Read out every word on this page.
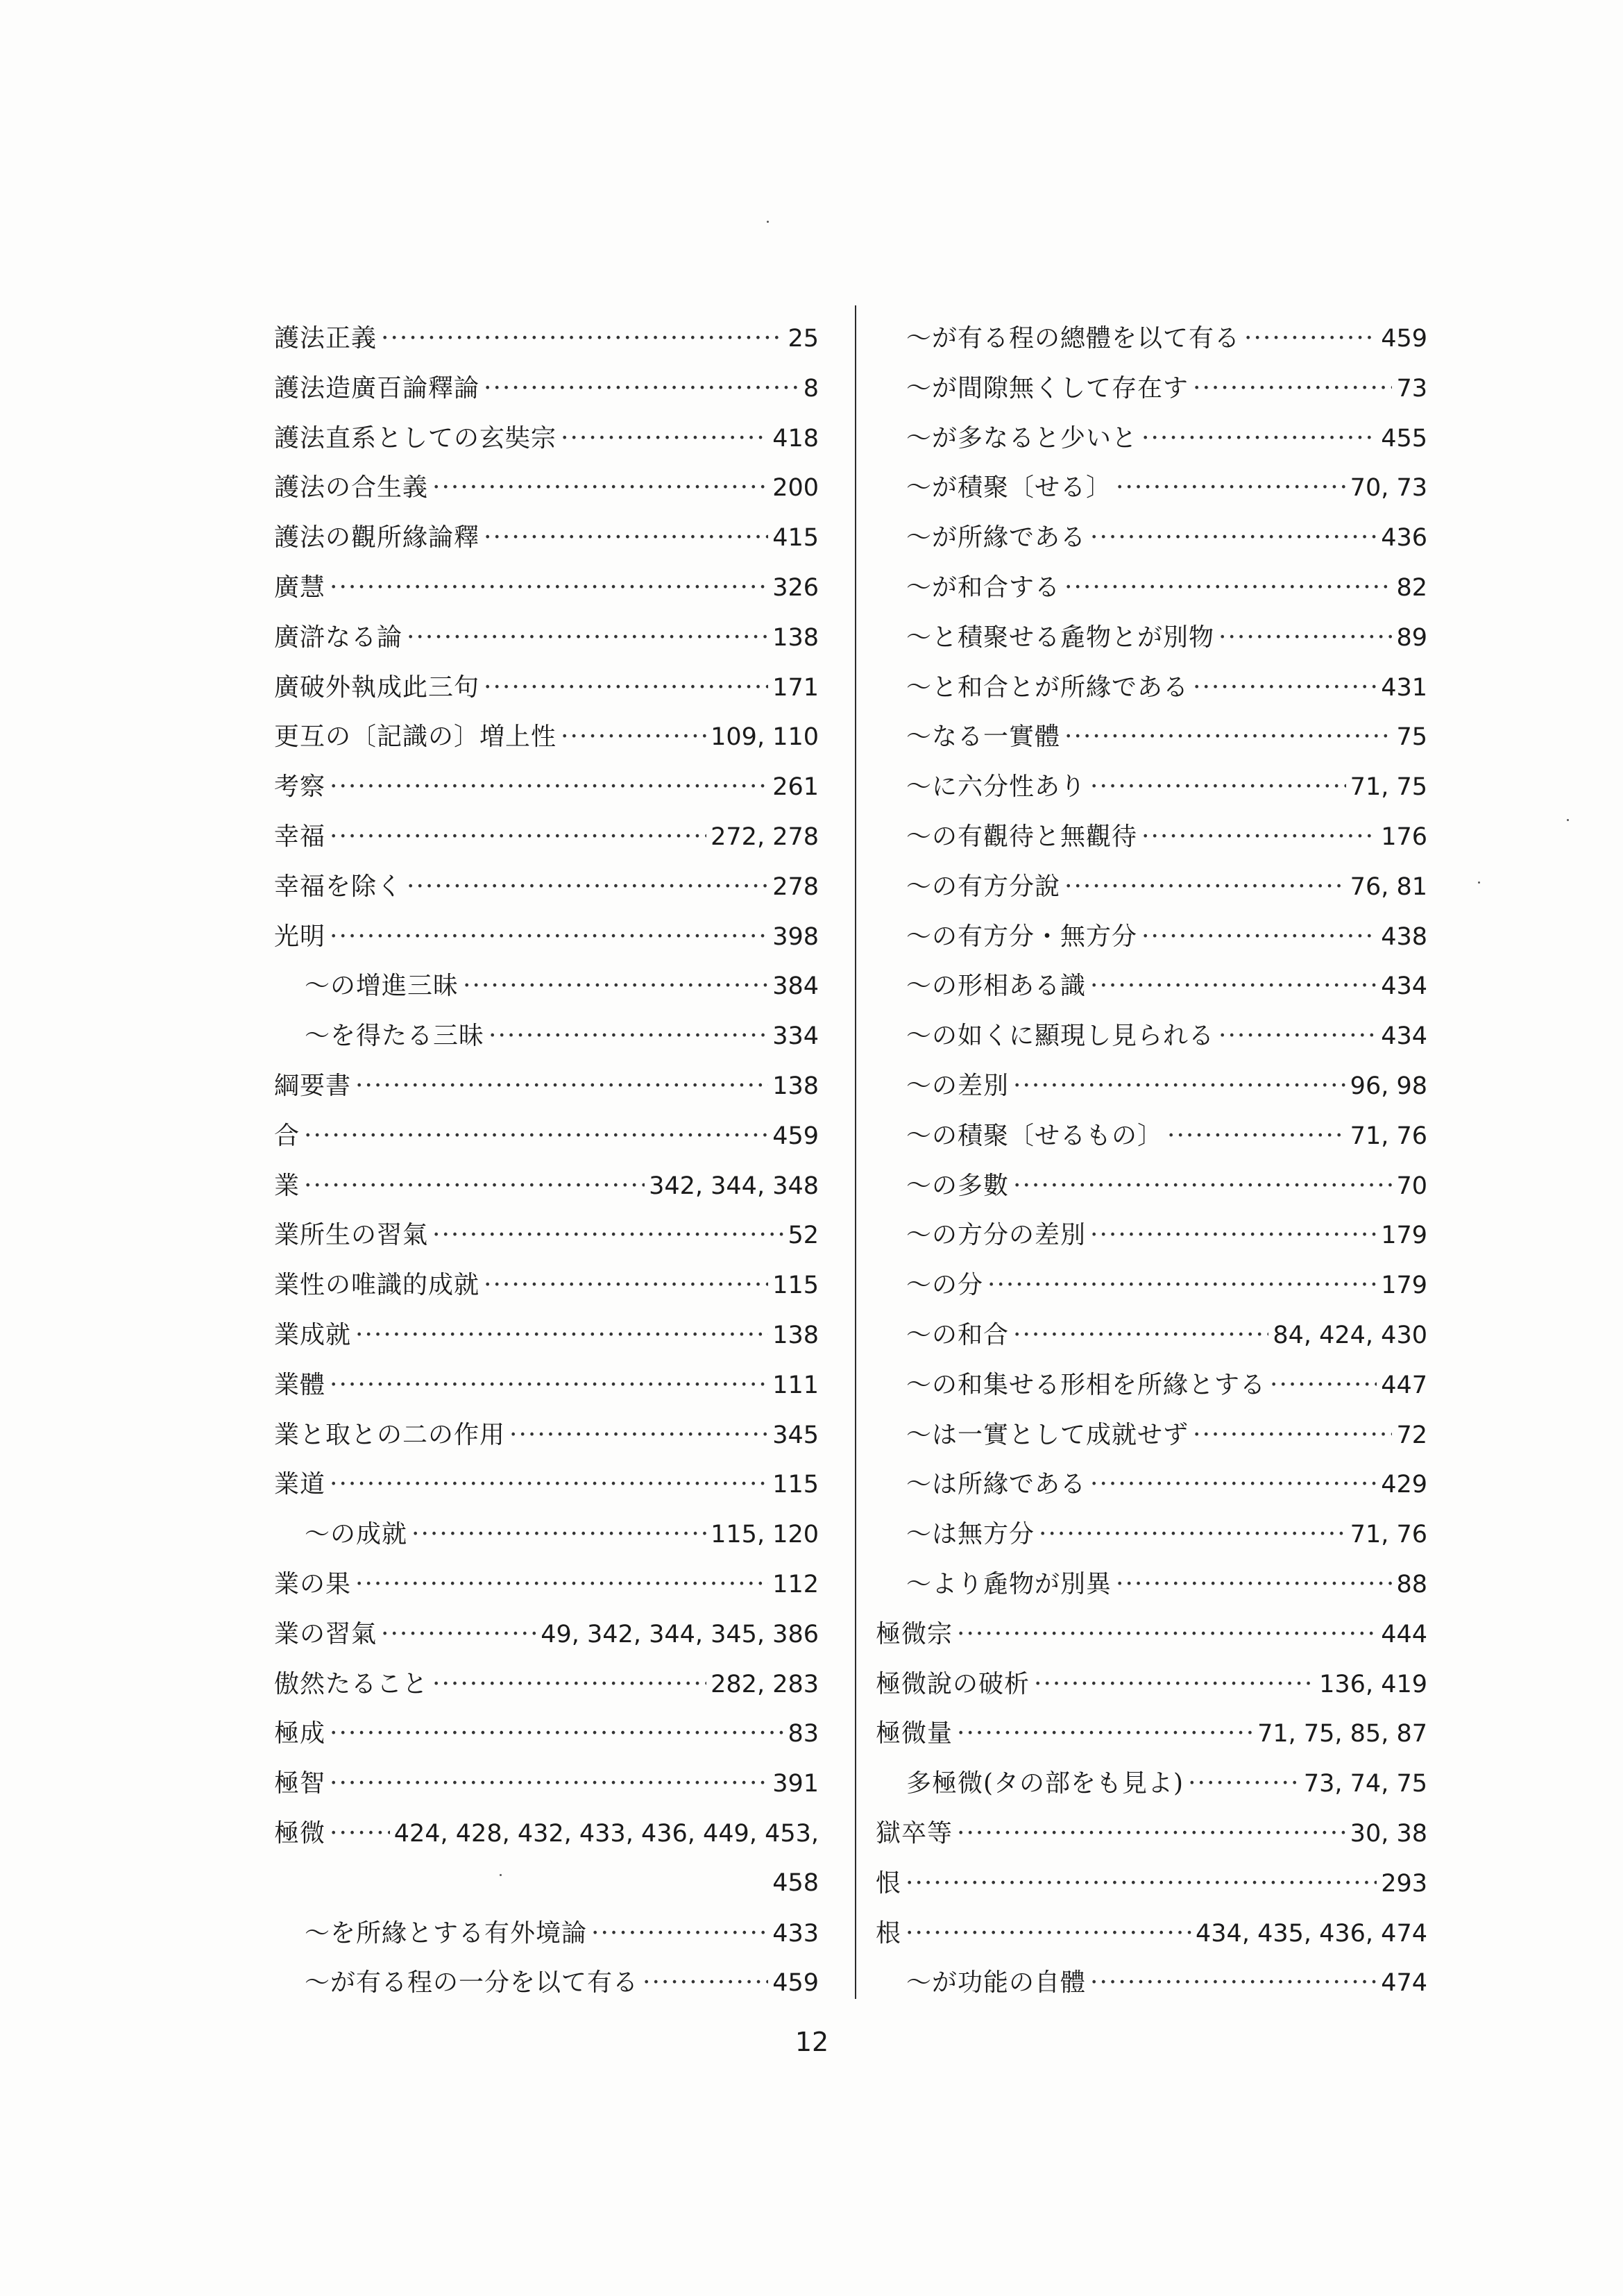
護法正義 ·····	25
護法造廣百論釋論 ·····	8
護法直系としての玄奘宗 ·····	418
護法の合生義 ·····	200
護法の觀所緣論釋 ·····	415
廣慧 ·····	326
廣滸なる論 ·····	138
廣破外執成此三句 ·····	171
更互の〔記識の〕増上性 ·····	109, 110
考察 ·····	261
幸福 ·····	272, 278
幸福を除く ·····	278
光明 ·····	398
～の增進三昧 ·····	384
～を得たる三昧 ·····	334
綱要書 ·····	138
合 ·····	459
業 ·····	342, 344, 348
業所生の習氣 ·····	52
業性の唯識的成就 ·····	115
業成就 ·····	138
業體 ·····	111
業と取との二の作用 ·····	345
業道 ·····	115
～の成就 ·····	115, 120
業の果 ·····	112
業の習氣 ·····	49, 342, 344, 345, 386
傲然たること ·····	282, 283
極成 ·····	83
極智 ·····	391
極微 ·····	424, 428, 432, 433, 436, 449, 453,
458
～を所緣とする有外境論 ·····	433
～が有る程の一分を以て有る ·····	459
～が有る程の總體を以て有る ·····	459
～が間隙無くして存在す ·····	73
～が多なると少いと ·····	455
～が積聚〔せる〕 ·····	70, 73
～が所緣である ·····	436
～が和合する ·····	82
～と積聚せる麁物とが別物 ·····	89
～と和合とが所緣である ·····	431
～なる一實體 ·····	75
～に六分性あり ·····	71, 75
～の有觀待と無觀待 ·····	176
～の有方分說 ·····	76, 81
～の有方分・無方分 ·····	438
～の形相ある識 ·····	434
～の如くに顯現し見られる ·····	434
～の差別 ·····	96, 98
～の積聚〔せるもの〕 ·····	71, 76
～の多數 ·····	70
～の方分の差別 ·····	179
～の分 ·····	179
～の和合 ·····	84, 424, 430
～の和集せる形相を所緣とする ·····	447
～は一實として成就せず ·····	72
～は所緣である ·····	429
～は無方分 ·····	71, 76
～より麁物が別異 ·····	88
極微宗 ·····	444
極微說の破析 ·····	136, 419
極微量 ·····	71, 75, 85, 87
多極微(タの部をも見よ) ·····	73, 74, 75
獄卒等 ·····	30, 38
恨 ·····	293
根 ·····	434, 435, 436, 474
～が功能の自體 ·····	474
12
